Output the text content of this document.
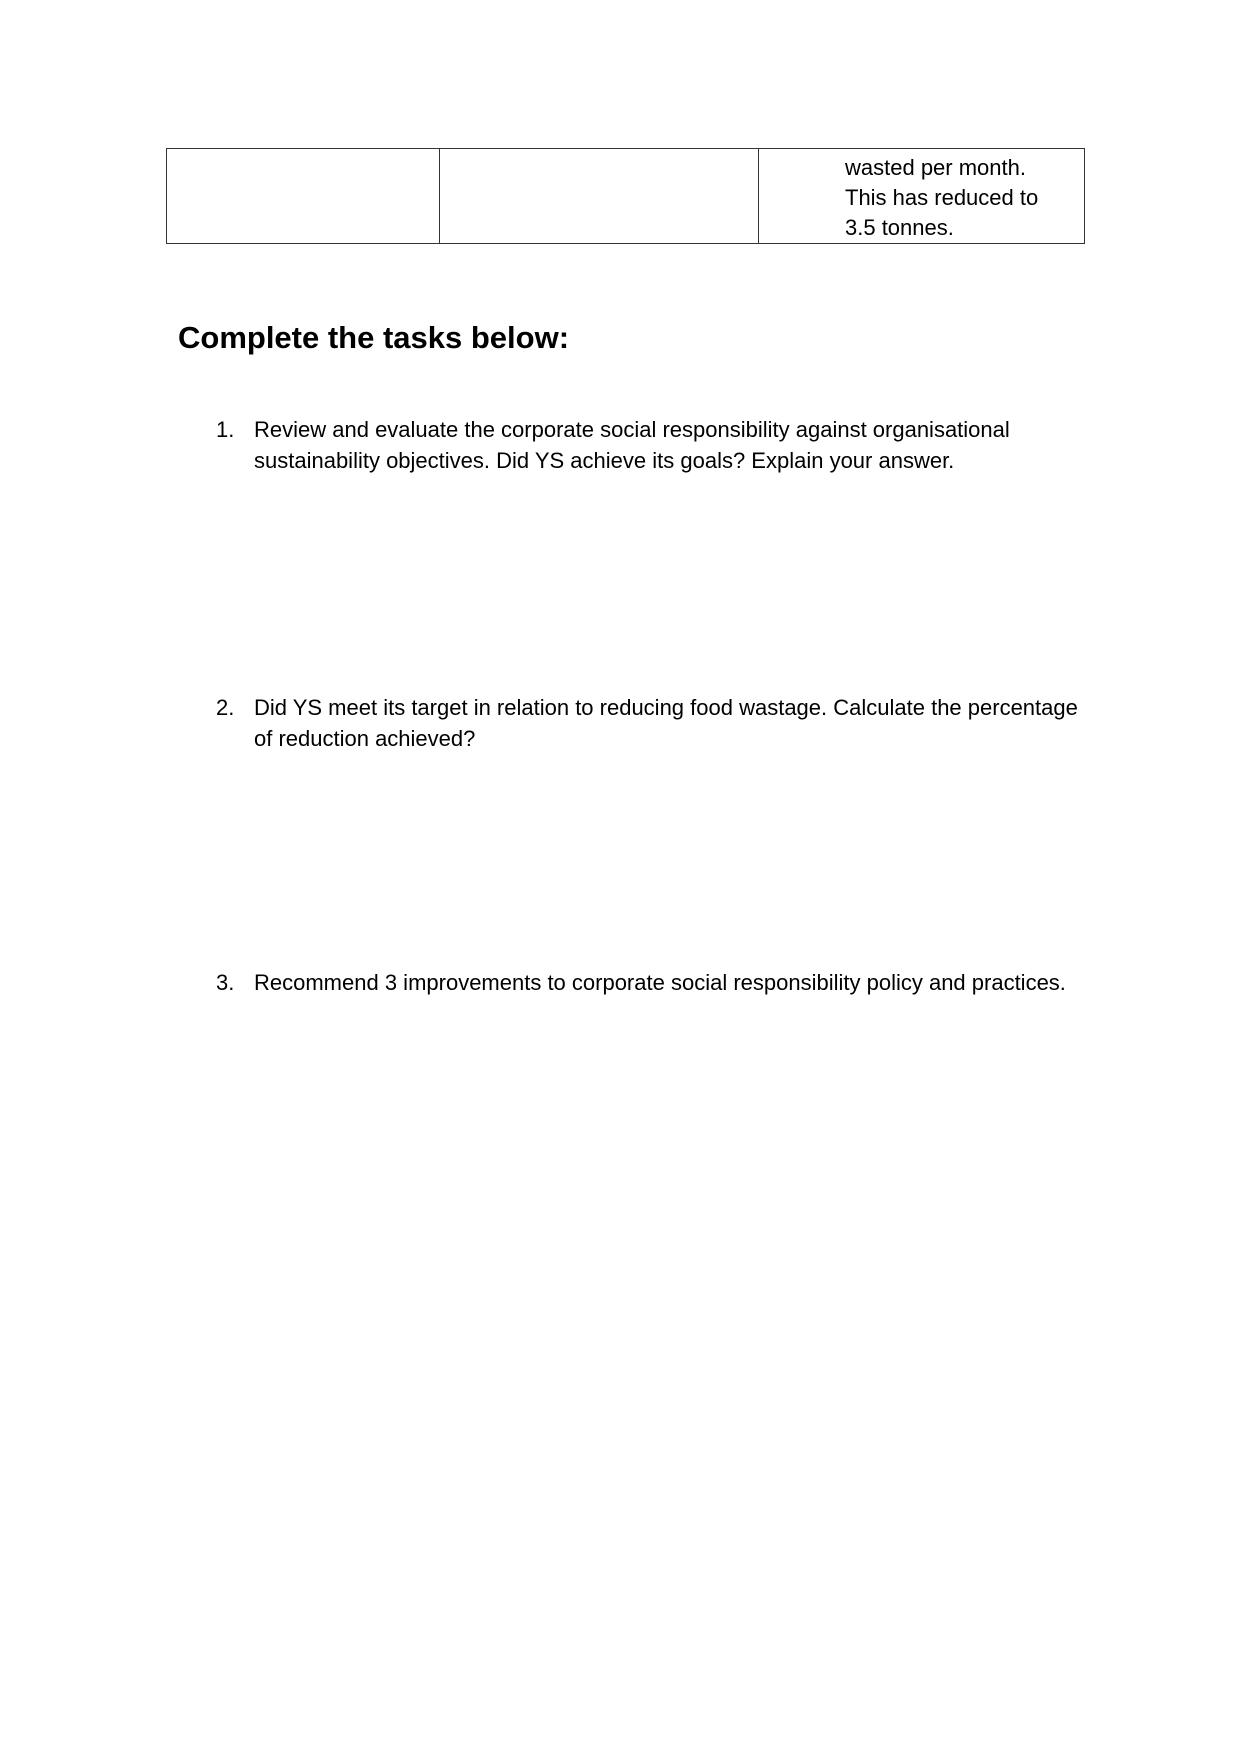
wasted per month.
This has reduced to
3.5 tonnes.
Complete the tasks below:
1. Review and evaluate the corporate social responsibility against organisational sustainability objectives. Did YS achieve its goals? Explain your answer.
2. Did YS meet its target in relation to reducing food wastage. Calculate the percentage of reduction achieved?
3. Recommend 3 improvements to corporate social responsibility policy and practices.
